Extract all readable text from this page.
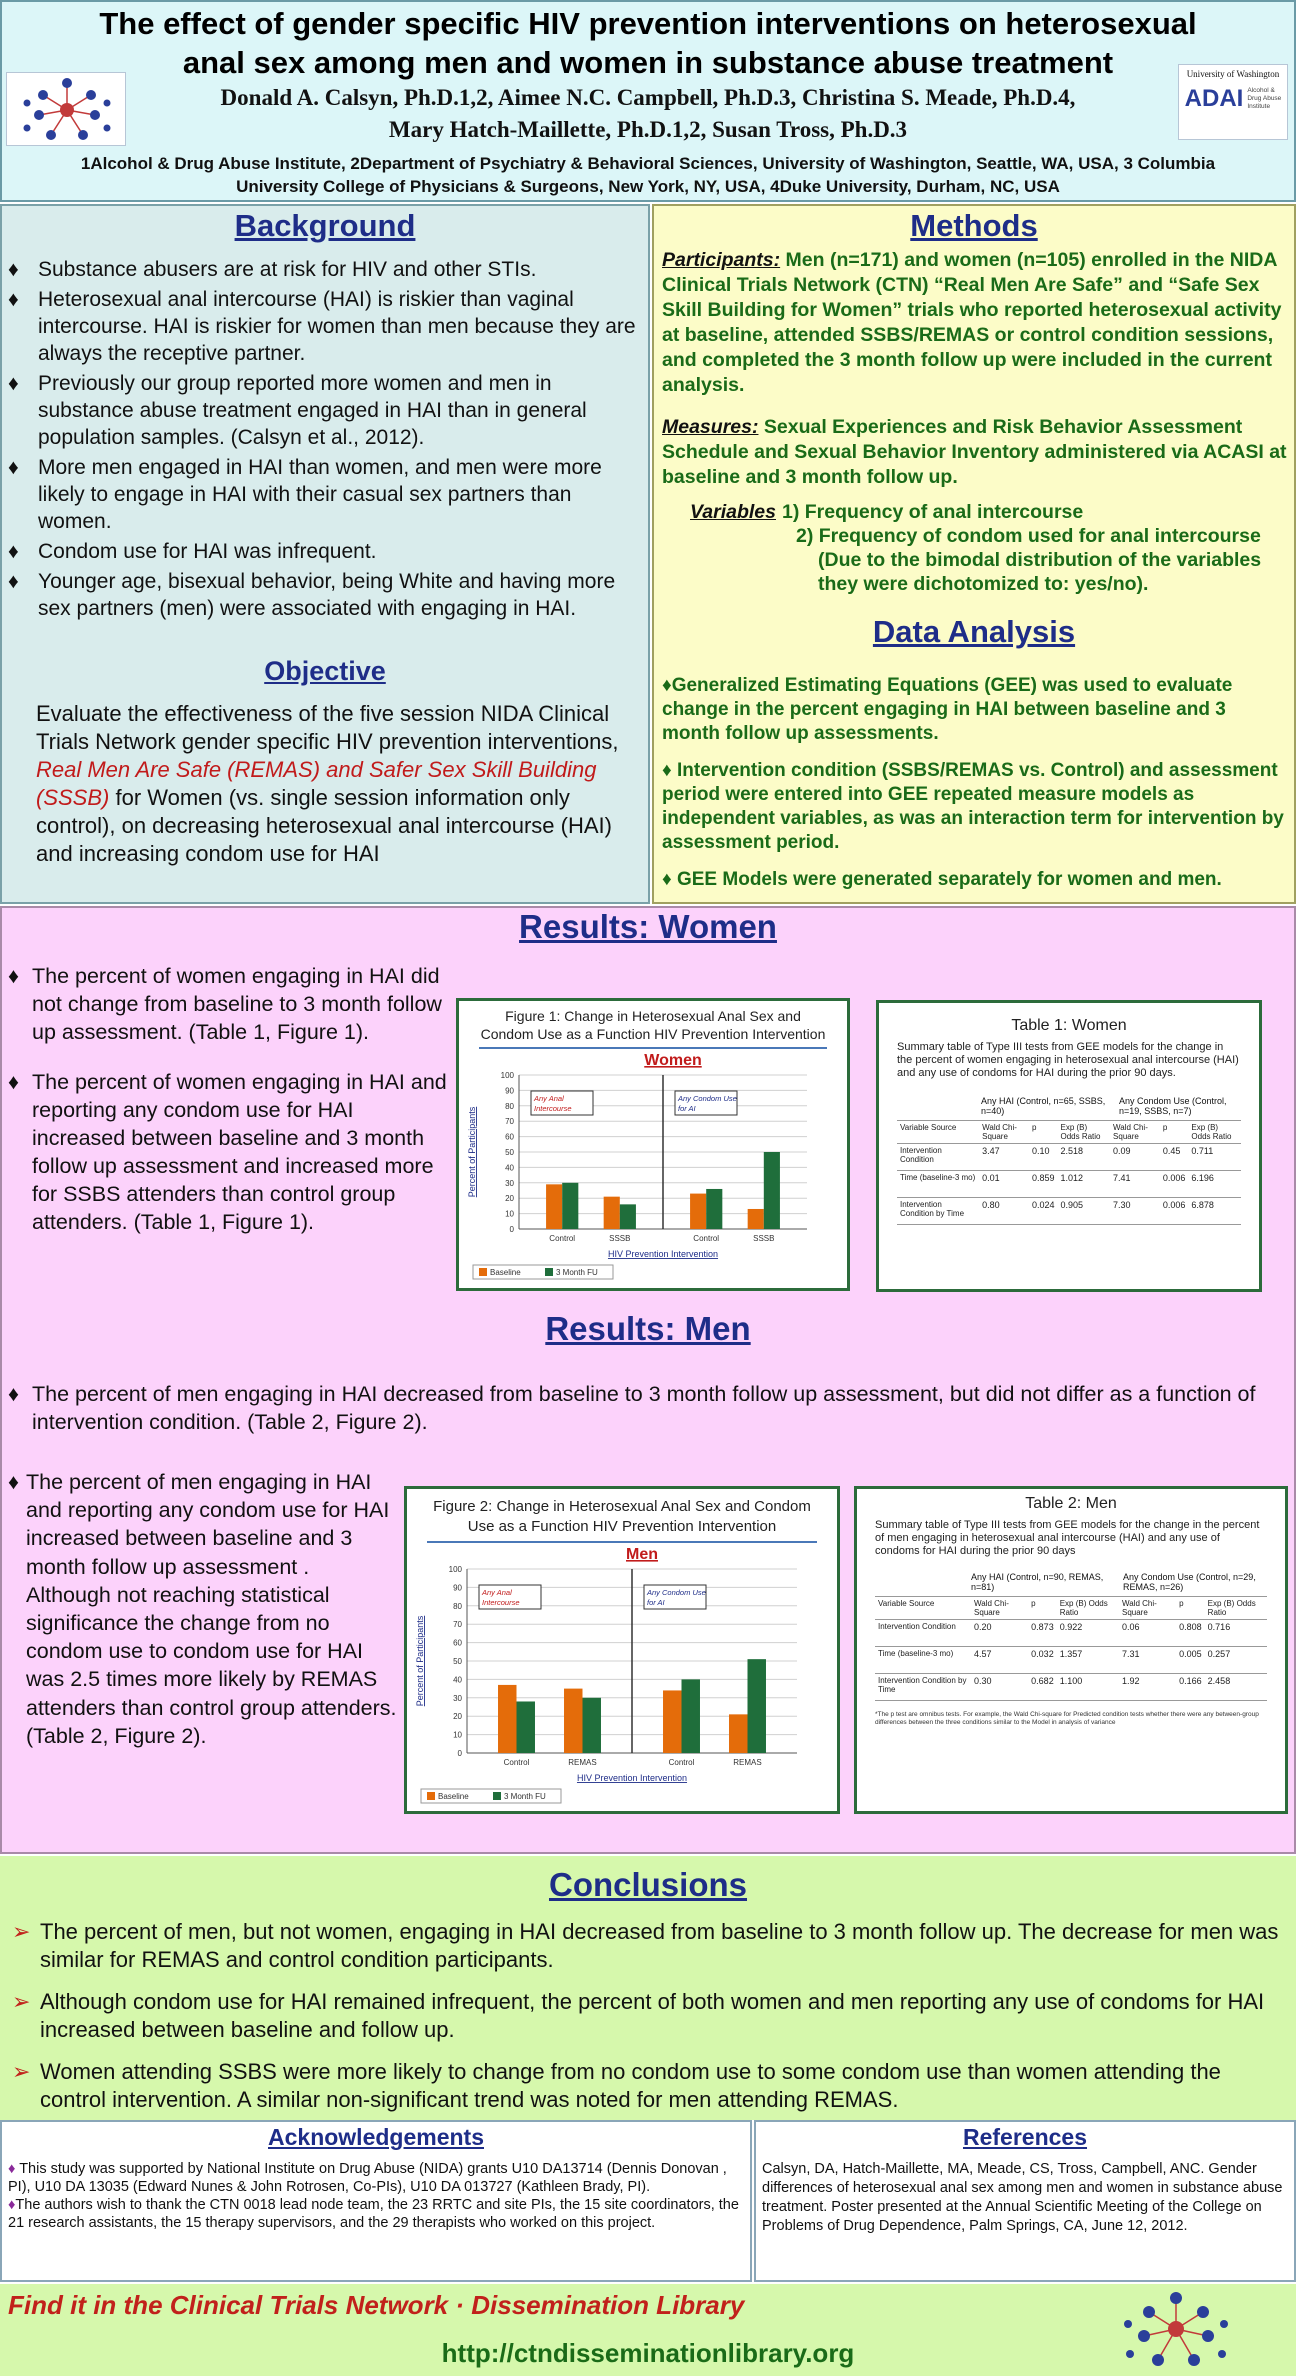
The effect of gender specific HIV prevention interventions on heterosexual
anal sex among men and women in substance abuse treatment	University of Washington
ADAI Alcohol & Drug Abuse Institute
Donald A. Calsyn, Ph.D.1,2, Aimee N.C. Campbell, Ph.D.3, Christina S. Meade, Ph.D.4,
Mary Hatch-Maillette, Ph.D.1,2, Susan Tross, Ph.D.3
1Alcohol & Drug Abuse Institute, 2Department of Psychiatry & Behavioral Sciences, University of Washington, Seattle, WA, USA, 3 Columbia
University College of Physicians & Surgeons, New York, NY, USA, 4Duke University, Durham, NC, USA
Background
♦ Substance abusers are at risk for HIV and other STIs.
♦ Heterosexual anal intercourse (HAI) is riskier than vaginal intercourse. HAI is riskier for women than men because they are always the receptive partner.
♦ Previously our group reported more women and men in substance abuse treatment engaged in HAI than in general population samples. (Calsyn et al., 2012).
♦ More men engaged in HAI than women, and men were more likely to engage in HAI with their casual sex partners than women.
♦ Condom use for HAI was infrequent.
♦ Younger age, bisexual behavior, being White and having more sex partners (men) were associated with engaging in HAI.
Objective
Evaluate the effectiveness of the five session NIDA Clinical Trials Network gender specific HIV prevention interventions, Real Men Are Safe (REMAS) and Safer Sex Skill Building (SSSB) for Women (vs. single session information only control), on decreasing heterosexual anal intercourse (HAI) and increasing condom use for HAI
Methods
Participants: Men (n=171) and women (n=105) enrolled in the NIDA Clinical Trials Network (CTN) “Real Men Are Safe” and “Safe Sex Skill Building for Women” trials who reported heterosexual activity at baseline, attended SSBS/REMAS or control condition sessions, and completed the 3 month follow up were included in the current analysis.
Measures: Sexual Experiences and Risk Behavior Assessment Schedule and Sexual Behavior Inventory administered via ACASI at baseline and 3 month follow up.
Variables 1) Frequency of anal intercourse
2) Frequency of condom used for anal intercourse
(Due to the bimodal distribution of the variables
they were dichotomized to: yes/no).
Data Analysis
♦Generalized Estimating Equations (GEE) was used to evaluate change in the percent engaging in HAI between baseline and 3 month follow up assessments.
♦ Intervention condition (SSBS/REMAS vs. Control) and assessment period were entered into GEE repeated measure models as independent variables, as was an interaction term for intervention by assessment period.
♦ GEE Models were generated separately for women and men.
Results: Women
♦ The percent of women engaging in HAI did not change from baseline to 3 month follow up assessment. (Table 1, Figure 1).
♦ The percent of women engaging in HAI and reporting any condom use for HAI increased between baseline and 3 month follow up assessment and increased more for SSBS attenders than control group attenders. (Table 1, Figure 1).
Figure 1: Change in Heterosexual Anal Sex and Condom Use as a Function HIV Prevention Intervention
Women
0
10
20
30
40
50
60
70
80
90
100
Any Anal
Intercourse
Any Condom Use
for AI
Control	SSSB	Control	SSSB
HIV Prevention Intervention
Percent of Participants
Baseline	3 Month FU
Table 1: Women
Summary table of Type III tests from GEE models for the change in the percent of women engaging in heterosexual anal intercourse (HAI) and any use of condoms for HAI during the prior 90 days.
Any HAI (Control, n=65, SSBS, n=40)
Any Condom Use (Control, n=19, SSBS, n=7)
Variable Source	Wald Chi-Square	p	Exp (B) Odds Ratio	Wald Chi-Square	p	Exp (B) Odds Ratio
Intervention Condition	3.47	0.10	2.518	0.09	0.45	0.711
Time (baseline-3 mo)	0.01	0.859	1.012	7.41	0.006	6.196
Intervention Condition by Time	0.80	0.024	0.905	7.30	0.006	6.878
Results: Men
♦ The percent of men engaging in HAI decreased from baseline to 3 month follow up assessment, but did not differ as a function of intervention condition. (Table 2, Figure 2).
♦ The percent of men engaging in HAI and reporting any condom use for HAI increased between baseline and 3 month follow up assessment . Although not reaching statistical significance the change from no condom use to condom use for HAI was 2.5 times more likely by REMAS attenders than control group attenders. (Table 2, Figure 2).
Figure 2: Change in Heterosexual Anal Sex and Condom Use as a Function HIV Prevention Intervention
Men
0
10
20
30
40
50
60
70
80
90
100
Any Anal
Intercourse
Any Condom Use
for AI
Control	REMAS	Control	REMAS
HIV Prevention Intervention
Percent of Participants
Baseline	3 Month FU
Table 2: Men
Summary table of Type III tests from GEE models for the change in the percent of men engaging in heterosexual anal intercourse (HAI) and any use of condoms for HAI during the prior 90 days
Any HAI (Control, n=90, REMAS, n=81)
Any Condom Use (Control, n=29, REMAS, n=26)
Variable Source	Wald Chi-Square	p	Exp (B) Odds Ratio	Wald Chi-Square	p	Exp (B) Odds Ratio
Intervention Condition	0.20	0.873	0.922	0.06	0.808	0.716
Time (baseline-3 mo)	4.57	0.032	1.357	7.31	0.005	0.257
Intervention Condition by Time	0.30	0.682	1.100	1.92	0.166	2.458
*The p test are omnibus tests. For example, the Wald Chi-square for Predicted condition tests whether there were any between-group differences between the three conditions similar to the Model in analysis of variance
Conclusions
➢ The percent of men, but not women, engaging in HAI decreased from baseline to 3 month follow up. The decrease for men was similar for REMAS and control condition participants.
➢ Although condom use for HAI remained infrequent, the percent of both women and men reporting any use of condoms for HAI increased between baseline and follow up.
➢ Women attending SSBS were more likely to change from no condom use to some condom use than women attending the control intervention. A similar non-significant trend was noted for men attending REMAS.
Acknowledgements
♦ This study was supported by National Institute on Drug Abuse (NIDA) grants U10 DA13714 (Dennis Donovan , PI), U10 DA 13035 (Edward Nunes & John Rotrosen, Co-PIs), U10 DA 013727 (Kathleen Brady, PI).
♦The authors wish to thank the CTN 0018 lead node team, the 23 RRTC and site PIs, the 15 site coordinators, the 21 research assistants, the 15 therapy supervisors, and the 29 therapists who worked on this project.
References
Calsyn, DA, Hatch-Maillette, MA, Meade, CS, Tross, Campbell, ANC. Gender differences of heterosexual anal sex among men and women in substance abuse treatment. Poster presented at the Annual Scientific Meeting of the College on Problems of Drug Dependence, Palm Springs, CA, June 12, 2012.
Find it in the Clinical Trials Network · Dissemination Library
http://ctndisseminationlibrary.org
